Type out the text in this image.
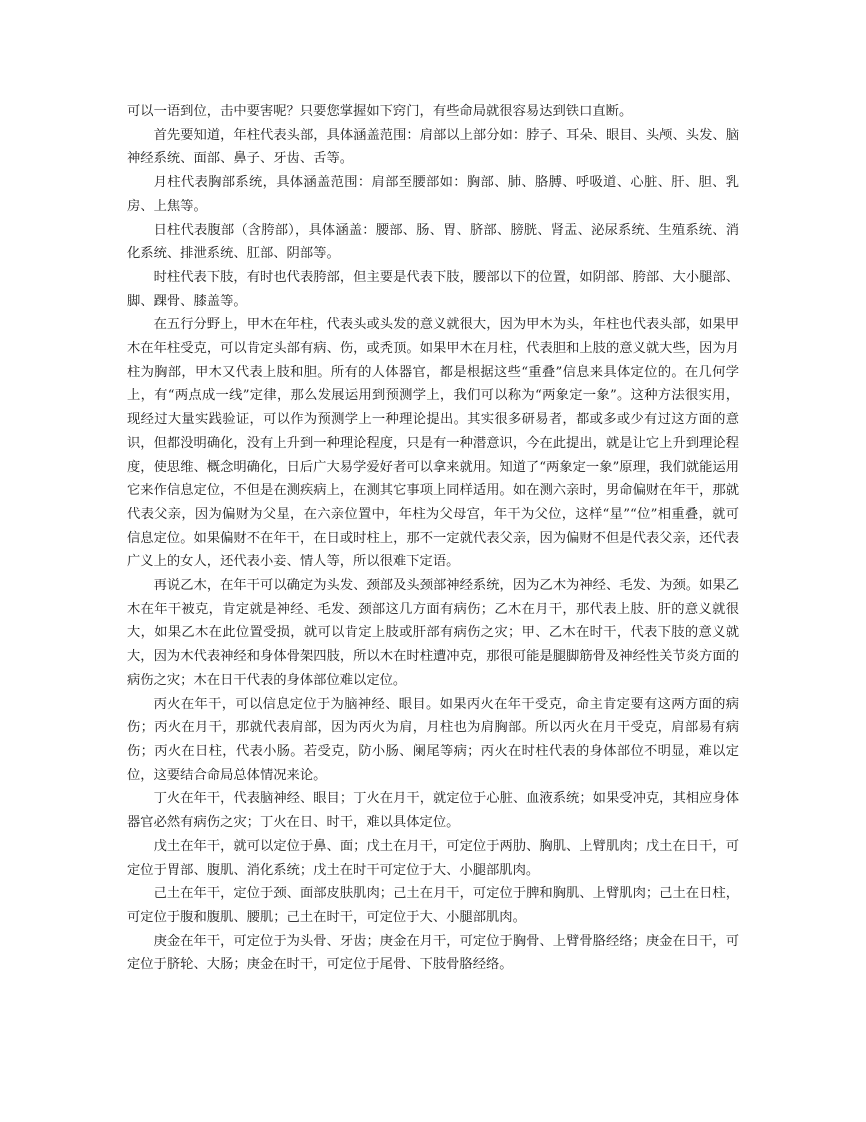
可以一语到位，击中要害呢？只要您掌握如下窍门，有些命局就很容易达到铁口直断。

首先要知道，年柱代表头部，具体涵盖范围：肩部以上部分如：脖子、耳朵、眼目、头颅、头发、脑神经系统、面部、鼻子、牙齿、舌等。

月柱代表胸部系统，具体涵盖范围：肩部至腰部如：胸部、肺、胳膊、呼吸道、心脏、肝、胆、乳房、上焦等。

日柱代表腹部（含胯部），具体涵盖：腰部、肠、胃、脐部、膀胱、肾盂、泌尿系统、生殖系统、消化系统、排泄系统、肛部、阴部等。

时柱代表下肢，有时也代表胯部，但主要是代表下肢，腰部以下的位置，如阴部、胯部、大小腿部、脚、踝骨、膝盖等。

在五行分野上，甲木在年柱，代表头或头发的意义就很大，因为甲木为头，年柱也代表头部，如果甲木在年柱受克，可以肯定头部有病、伤，或秃顶。如果甲木在月柱，代表胆和上肢的意义就大些，因为月柱为胸部，甲木又代表上肢和胆。所有的人体器官，都是根据这些“重叠”信息来具体定位的。在几何学上，有“两点成一线”定律，那么发展运用到预测学上，我们可以称为“两象定一象”。这种方法很实用，现经过大量实践验证，可以作为预测学上一种理论提出。其实很多研易者，都或多或少有过这方面的意识，但都没明确化，没有上升到一种理论程度，只是有一种潜意识，今在此提出，就是让它上升到理论程度，使思维、概念明确化，日后广大易学爱好者可以拿来就用。知道了“两象定一象”原理，我们就能运用它来作信息定位，不但是在测疾病上，在测其它事项上同样适用。如在测六亲时，男命偏财在年干，那就代表父亲，因为偏财为父星，在六亲位置中，年柱为父母宫，年干为父位，这样“星”“位”相重叠，就可信息定位。如果偏财不在年干，在日或时柱上，那不一定就代表父亲，因为偏财不但是代表父亲，还代表广义上的女人，还代表小妾、情人等，所以很难下定语。

再说乙木，在年干可以确定为头发、颈部及头颈部神经系统，因为乙木为神经、毛发、为颈。如果乙木在年干被克，肯定就是神经、毛发、颈部这几方面有病伤；乙木在月干，那代表上肢、肝的意义就很大，如果乙木在此位置受损，就可以肯定上肢或肝部有病伤之灾；甲、乙木在时干，代表下肢的意义就大，因为木代表神经和身体骨架四肢，所以木在时柱遭冲克，那很可能是腿脚筋骨及神经性关节炎方面的病伤之灾；木在日干代表的身体部位难以定位。

丙火在年干，可以信息定位于为脑神经、眼目。如果丙火在年干受克，命主肯定要有这两方面的病伤；丙火在月干，那就代表肩部，因为丙火为肩，月柱也为肩胸部。所以丙火在月干受克，肩部易有病伤；丙火在日柱，代表小肠。若受克，防小肠、阑尾等病；丙火在时柱代表的身体部位不明显，难以定位，这要结合命局总体情况来论。

丁火在年干，代表脑神经、眼目；丁火在月干，就定位于心脏、血液系统；如果受冲克，其相应身体器官必然有病伤之灾；丁火在日、时干，难以具体定位。

戊土在年干，就可以定位于鼻、面；戊土在月干，可定位于两肋、胸肌、上臂肌肉；戊土在日干，可定位于胃部、腹肌、消化系统；戊土在时干可定位于大、小腿部肌肉。

己土在年干，定位于颈、面部皮肤肌肉；己土在月干，可定位于脾和胸肌、上臂肌肉；己土在日柱，可定位于腹和腹肌、腰肌；己土在时干，可定位于大、小腿部肌肉。

庚金在年干，可定位于为头骨、牙齿；庚金在月干，可定位于胸骨、上臂骨胳经络；庚金在日干，可定位于脐轮、大肠；庚金在时干，可定位于尾骨、下肢骨胳经络。
